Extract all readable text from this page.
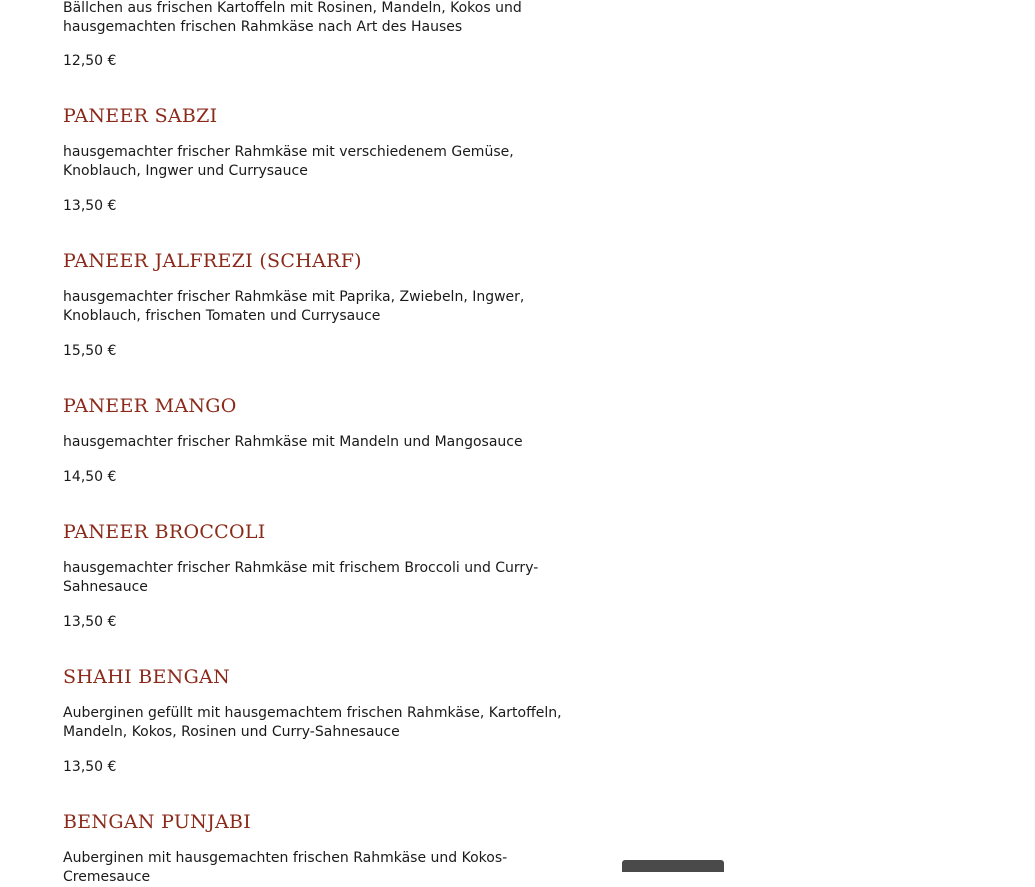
Bällchen aus frischen Kartoffeln mit Rosinen, Mandeln, Kokos und hausgemachten frischen Rahmkäse nach Art des Hauses

12,50 €

PANEER SABZI

hausgemachter frischer Rahmkäse mit verschiedenem Gemüse, Knoblauch, Ingwer und Currysauce

13,50 €

PANEER JALFREZI (SCHARF)

hausgemachter frischer Rahmkäse mit Paprika, Zwiebeln, Ingwer, Knoblauch, frischen Tomaten und Currysauce

15,50 €

PANEER MANGO

hausgemachter frischer Rahmkäse mit Mandeln und Mangosauce

14,50 €

PANEER BROCCOLI

hausgemachter frischer Rahmkäse mit frischem Broccoli und Curry-Sahnesauce

13,50 €

SHAHI BENGAN

Auberginen gefüllt mit hausgemachtem frischen Rahmkäse, Kartoffeln, Mandeln, Kokos, Rosinen und Curry-Sahnesauce

13,50 €

BENGAN PUNJABI

Auberginen mit hausgemachten frischen Rahmkäse und Kokos-Cremesauce
